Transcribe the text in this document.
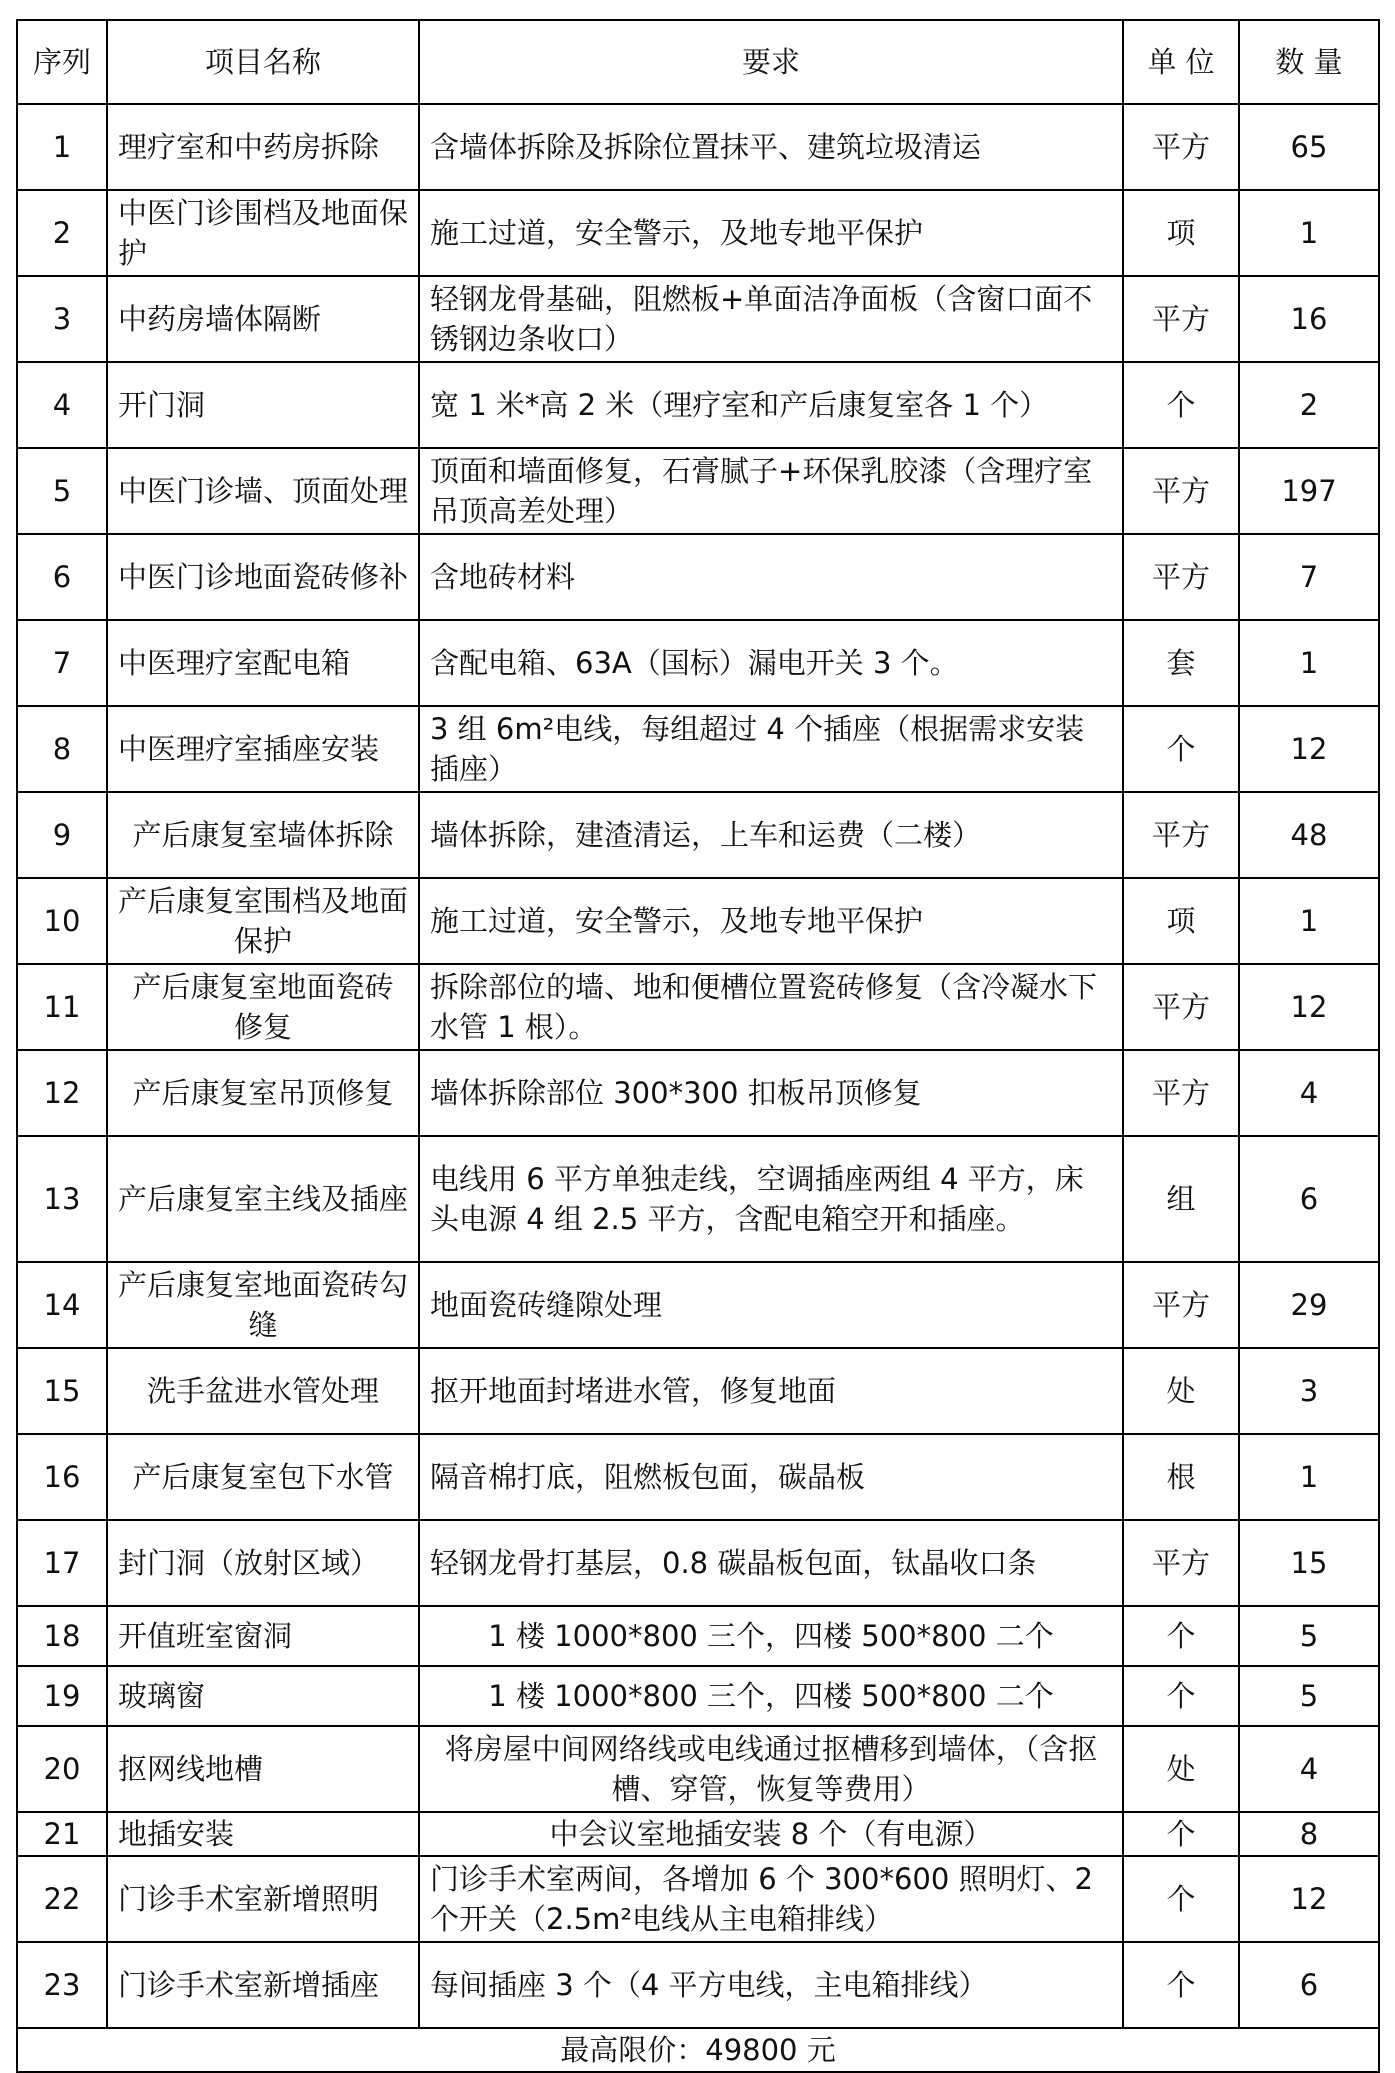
序列	项目名称	要求	单 位	数 量
1	理疗室和中药房拆除	含墙体拆除及拆除位置抹平、建筑垃圾清运	平方	65
2	中医门诊围档及地面保护	施工过道，安全警示，及地专地平保护	项	1
3	中药房墙体隔断	轻钢龙骨基础，阻燃板+单面洁净面板（含窗口面不锈钢边条收口）	平方	16
4	开门洞	宽 1 米*高 2 米（理疗室和产后康复室各 1 个）	个	2
5	中医门诊墙、顶面处理	顶面和墙面修复，石膏腻子+环保乳胶漆（含理疗室吊顶高差处理）	平方	197
6	中医门诊地面瓷砖修补	含地砖材料	平方	7
7	中医理疗室配电箱	含配电箱、63A（国标）漏电开关 3 个。	套	1
8	中医理疗室插座安装	3 组 6m²电线，每组超过 4 个插座（根据需求安装插座）	个	12
9	产后康复室墙体拆除	墙体拆除，建渣清运，上车和运费（二楼）	平方	48
10	产后康复室围档及地面保护	施工过道，安全警示，及地专地平保护	项	1
11	产后康复室地面瓷砖 修复	拆除部位的墙、地和便槽位置瓷砖修复（含冷凝水下水管 1 根）。	平方	12
12	产后康复室吊顶修复	墙体拆除部位 300*300 扣板吊顶修复	平方	4
13	产后康复室主线及插座	电线用 6 平方单独走线，空调插座两组 4 平方，床头电源 4 组 2.5 平方，含配电箱空开和插座。	组	6
14	产后康复室地面瓷砖勾缝	地面瓷砖缝隙处理	平方	29
15	洗手盆进水管处理	抠开地面封堵进水管，修复地面	处	3
16	产后康复室包下水管	隔音棉打底，阻燃板包面，碳晶板	根	1
17	封门洞（放射区域）	轻钢龙骨打基层，0.8 碳晶板包面，钛晶收口条	平方	15
18	开值班室窗洞	1 楼 1000*800 三个，四楼 500*800 二个	个	5
19	玻璃窗	1 楼 1000*800 三个，四楼 500*800 二个	个	5
20	抠网线地槽	将房屋中间网络线或电线通过抠槽移到墙体，（含抠槽、穿管，恢复等费用）	处	4
21	地插安装	中会议室地插安装 8 个（有电源）	个	8
22	门诊手术室新增照明	门诊手术室两间，各增加 6 个 300*600 照明灯、2 个开关（2.5m²电线从主电箱排线）	个	12
23	门诊手术室新增插座	每间插座 3 个（4 平方电线，主电箱排线）	个	6
最高限价：49800 元				
